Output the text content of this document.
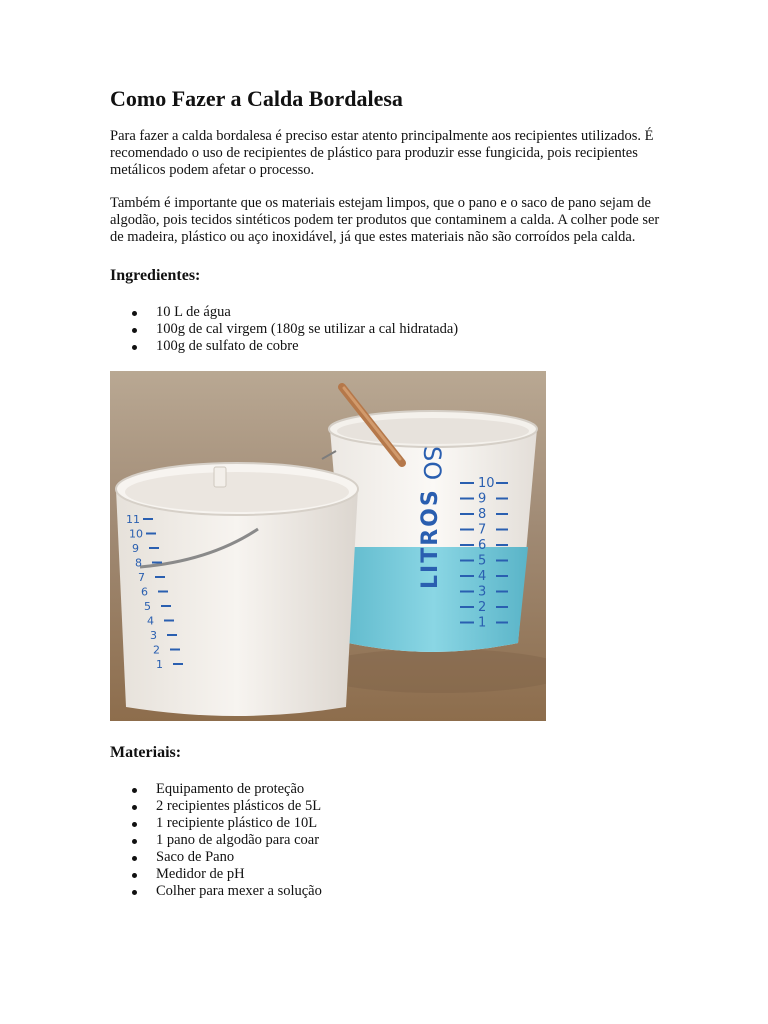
Como Fazer a Calda Bordalesa

Para fazer a calda bordalesa é preciso estar atento principalmente aos recipientes utilizados. É recomendado o uso de recipientes de plástico para produzir esse fungicida, pois recipientes metálicos podem afetar o processo.

Também é importante que os materiais estejam limpos, que o pano e o saco de pano sejam de algodão, pois tecidos sintéticos podem ter produtos que contaminem a calda. A colher pode ser de madeira, plástico ou aço inoxidável, já que estes materiais não são corroídos pela calda.

Ingredientes:
10 L de água
100g de cal virgem (180g se utilizar a cal hidratada)
100g de sulfato de cobre
LITROS
SO
10
9
8
7
6
5
4
3
2
1
11
10
9
8
7
6
5
4
3
2
1
Materiais:
Equipamento de proteção
2 recipientes plásticos de 5L
1 recipiente plástico de 10L
1 pano de algodão para coar
Saco de Pano
Medidor de pH
Colher para mexer a solução
